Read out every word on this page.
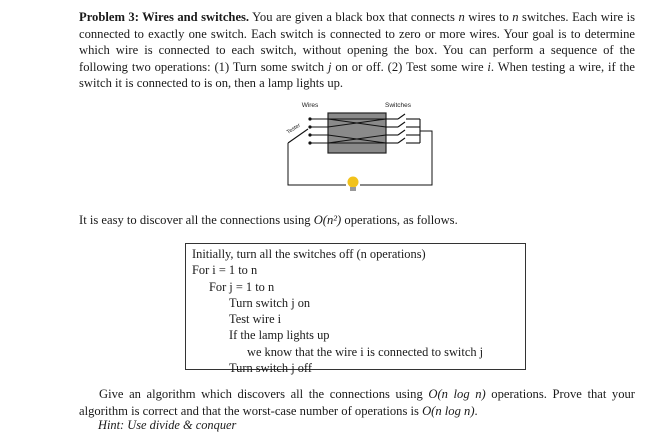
Problem 3: Wires and switches. You are given a black box that connects n wires to n switches. Each wire is connected to exactly one switch. Each switch is connected to zero or more wires. Your goal is to determine which wire is connected to each switch, without opening the box. You can perform a sequence of the following two operations: (1) Turn some switch j on or off. (2) Test some wire i. When testing a wire, if the switch it is connected to is on, then a lamp lights up.

Wires	Switches
Tester

It is easy to discover all the connections using O(n²) operations, as follows.

Initially, turn all the switches off (n operations)
For i = 1 to n
For j = 1 to n
Turn switch j on
Test wire i
If the lamp lights up
we know that the wire i is connected to switch j
Turn switch j off

Give an algorithm which discovers all the connections using O(n log n) operations. Prove that your algorithm is correct and that the worst-case number of operations is O(n log n).

Hint: Use divide & conquer
